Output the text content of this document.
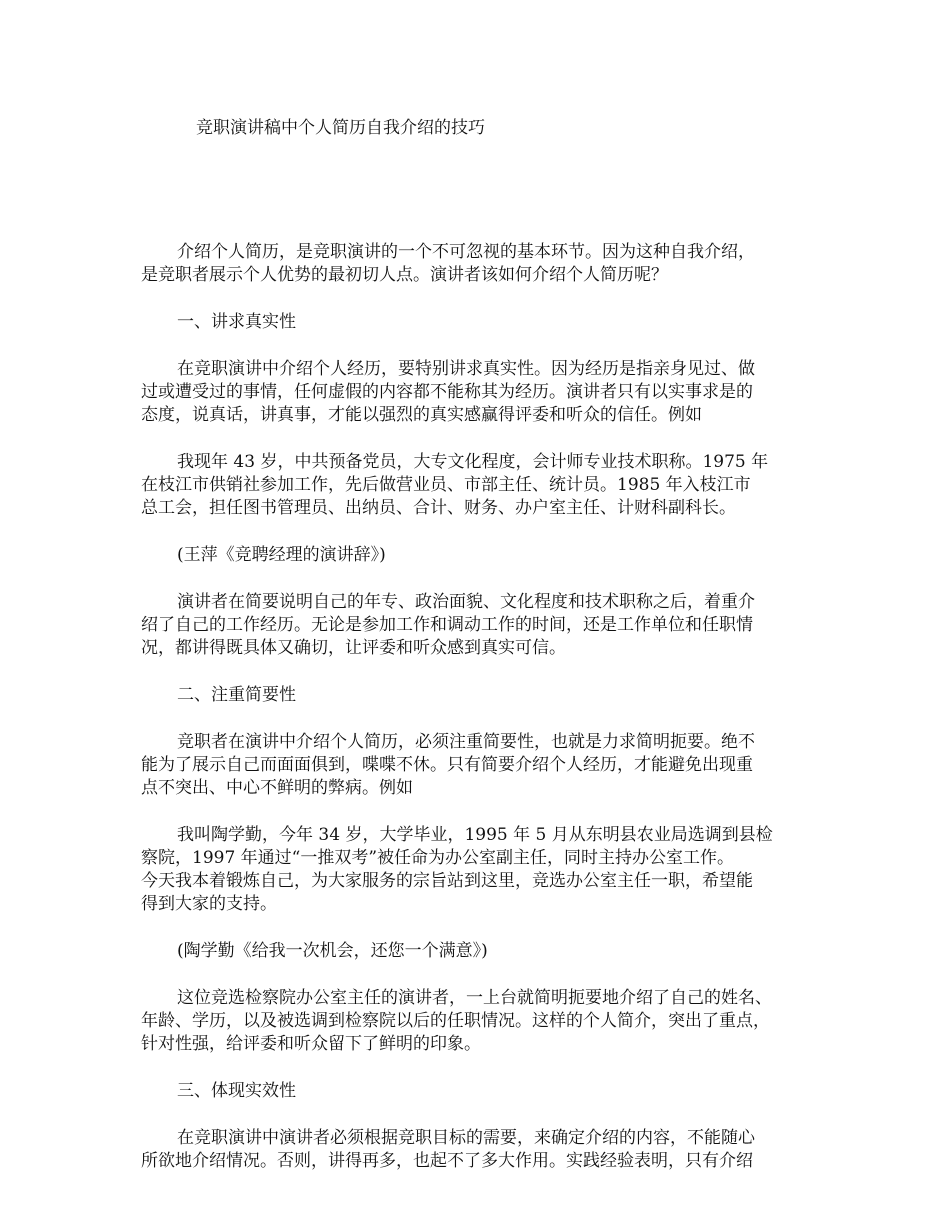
竞职演讲稿中个人简历自我介绍的技巧

介绍个人简历，是竞职演讲的一个不可忽视的基本环节。因为这种自我介绍，
是竞职者展示个人优势的最初切人点。演讲者该如何介绍个人简历呢？

一、讲求真实性

在竞职演讲中介绍个人经历，要特别讲求真实性。因为经历是指亲身见过、做
过或遭受过的事情，任何虚假的内容都不能称其为经历。演讲者只有以实事求是的
态度，说真话，讲真事，才能以强烈的真实感赢得评委和听众的信任。例如

我现年 43 岁，中共预备党员，大专文化程度，会计师专业技术职称。1975 年
在枝江市供销社参加工作，先后做营业员、市部主任、统计员。1985 年入枝江市
总工会，担任图书管理员、出纳员、合计、财务、办户室主任、计财科副科长。

(王萍《竞聘经理的演讲辞》)

演讲者在简要说明自己的年专、政治面貌、文化程度和技术职称之后，着重介
绍了自己的工作经历。无论是参加工作和调动工作的时间，还是工作单位和任职情
况，都讲得既具体又确切，让评委和听众感到真实可信。

二、注重简要性

竞职者在演讲中介绍个人简历，必须注重简要性，也就是力求简明扼要。绝不
能为了展示自己而面面俱到，喋喋不休。只有简要介绍个人经历，才能避免出现重
点不突出、中心不鲜明的弊病。例如

我叫陶学勤，今年 34 岁，大学毕业，1995 年 5 月从东明县农业局选调到县检
察院，1997 年通过“一推双考”被任命为办公室副主任，同时主持办公室工作。
今天我本着锻炼自己，为大家服务的宗旨站到这里，竞选办公室主任一职，希望能
得到大家的支持。

(陶学勤《给我一次机会，还您一个满意》)

这位竞选检察院办公室主任的演讲者，一上台就简明扼要地介绍了自己的姓名、
年龄、学历，以及被选调到检察院以后的任职情况。这样的个人简介，突出了重点，
针对性强，给评委和听众留下了鲜明的印象。

三、体现实效性

在竞职演讲中演讲者必须根据竞职目标的需要，来确定介绍的内容，不能随心
所欲地介绍情况。否则，讲得再多，也起不了多大作用。实践经验表明，只有介绍
